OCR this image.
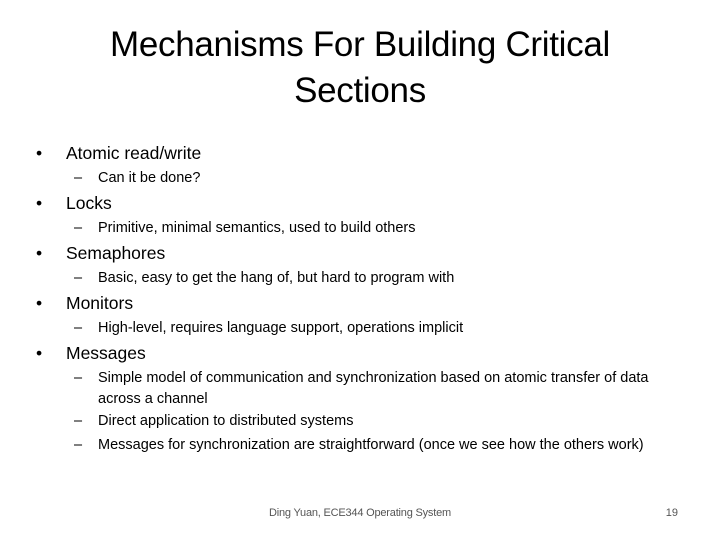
Mechanisms For Building Critical
Sections
• Atomic read/write
–	Can it be done?
• Locks
–	Primitive, minimal semantics, used to build others
• Semaphores
–	Basic, easy to get the hang of, but hard to program with
• Monitors
–	High-level, requires language support, operations implicit
• Messages
–	Simple model of communication and synchronization based on atomic transfer of data across a channel
–	Direct application to distributed systems
–	Messages for synchronization are straightforward (once we see how the others work)
Ding Yuan, ECE344 Operating System	19
